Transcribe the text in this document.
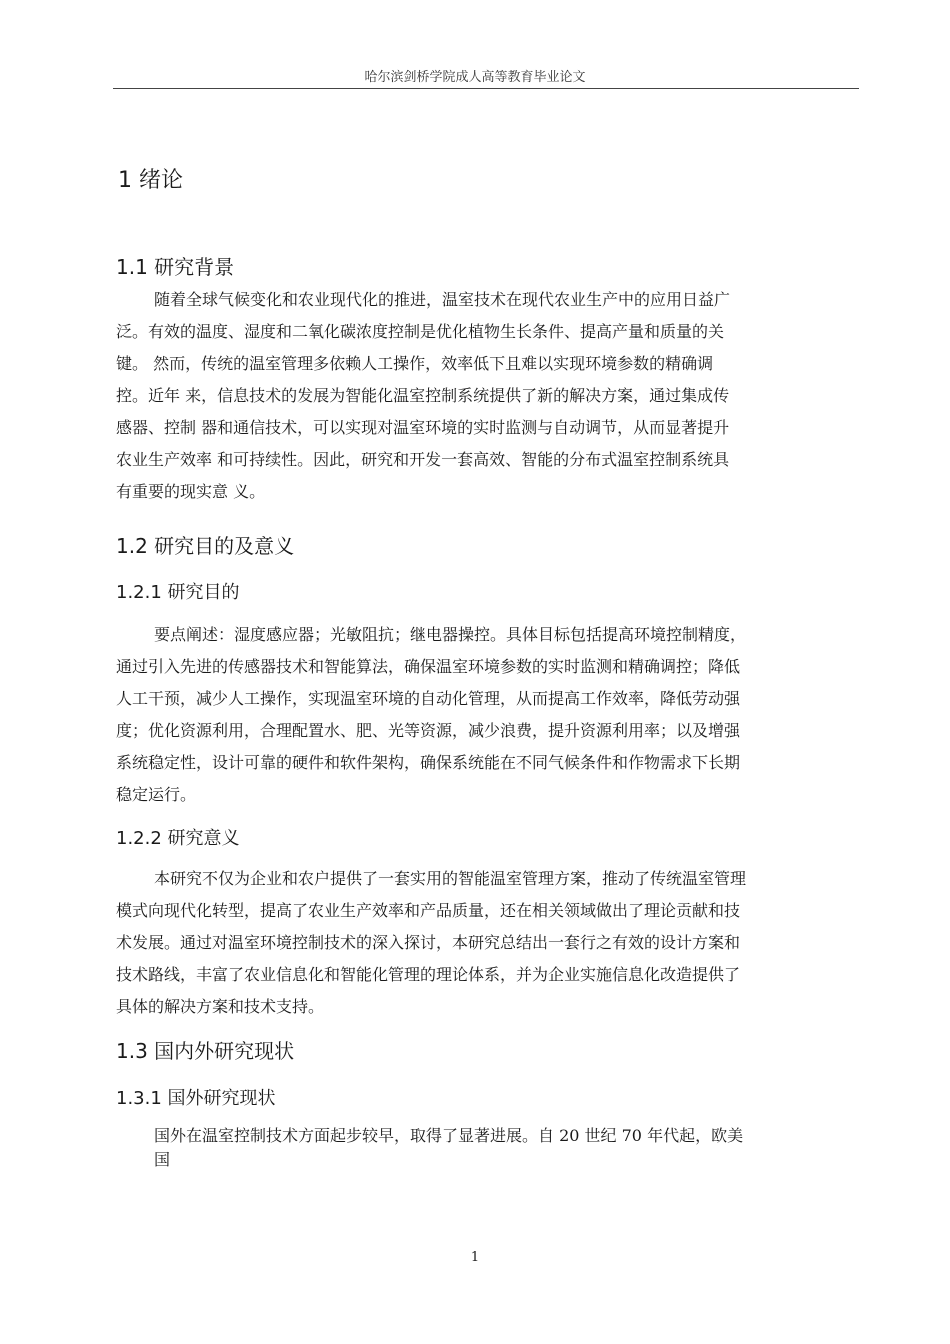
哈尔滨剑桥学院成人高等教育毕业论文
1 绪论
1.1 研究背景
随着全球气候变化和农业现代化的推进，温室技术在现代农业生产中的应用日益广
泛。有效的温度、湿度和二氧化碳浓度控制是优化植物生长条件、提高产量和质量的关
键。 然而，传统的温室管理多依赖人工操作，效率低下且难以实现环境参数的精确调
控。近年 来，信息技术的发展为智能化温室控制系统提供了新的解决方案，通过集成传
感器、控制 器和通信技术，可以实现对温室环境的实时监测与自动调节，从而显著提升
农业生产效率 和可持续性。因此，研究和开发一套高效、智能的分布式温室控制系统具
有重要的现实意 义。
1.2 研究目的及意义
1.2.1 研究目的
要点阐述：湿度感应器；光敏阻抗；继电器操控。具体目标包括提高环境控制精度，
通过引入先进的传感器技术和智能算法，确保温室环境参数的实时监测和精确调控；降低
人工干预，减少人工操作，实现温室环境的自动化管理，从而提高工作效率，降低劳动强
度；优化资源利用，合理配置水、肥、光等资源，减少浪费，提升资源利用率；以及增强
系统稳定性，设计可靠的硬件和软件架构，确保系统能在不同气候条件和作物需求下长期
稳定运行。
1.2.2 研究意义
本研究不仅为企业和农户提供了一套实用的智能温室管理方案，推动了传统温室管理
模式向现代化转型，提高了农业生产效率和产品质量，还在相关领域做出了理论贡献和技
术发展。通过对温室环境控制技术的深入探讨，本研究总结出一套行之有效的设计方案和
技术路线，丰富了农业信息化和智能化管理的理论体系，并为企业实施信息化改造提供了
具体的解决方案和技术支持。
1.3 国内外研究现状
1.3.1 国外研究现状
国外在温室控制技术方面起步较早，取得了显著进展。自 20 世纪 70 年代起，欧美
国
1
